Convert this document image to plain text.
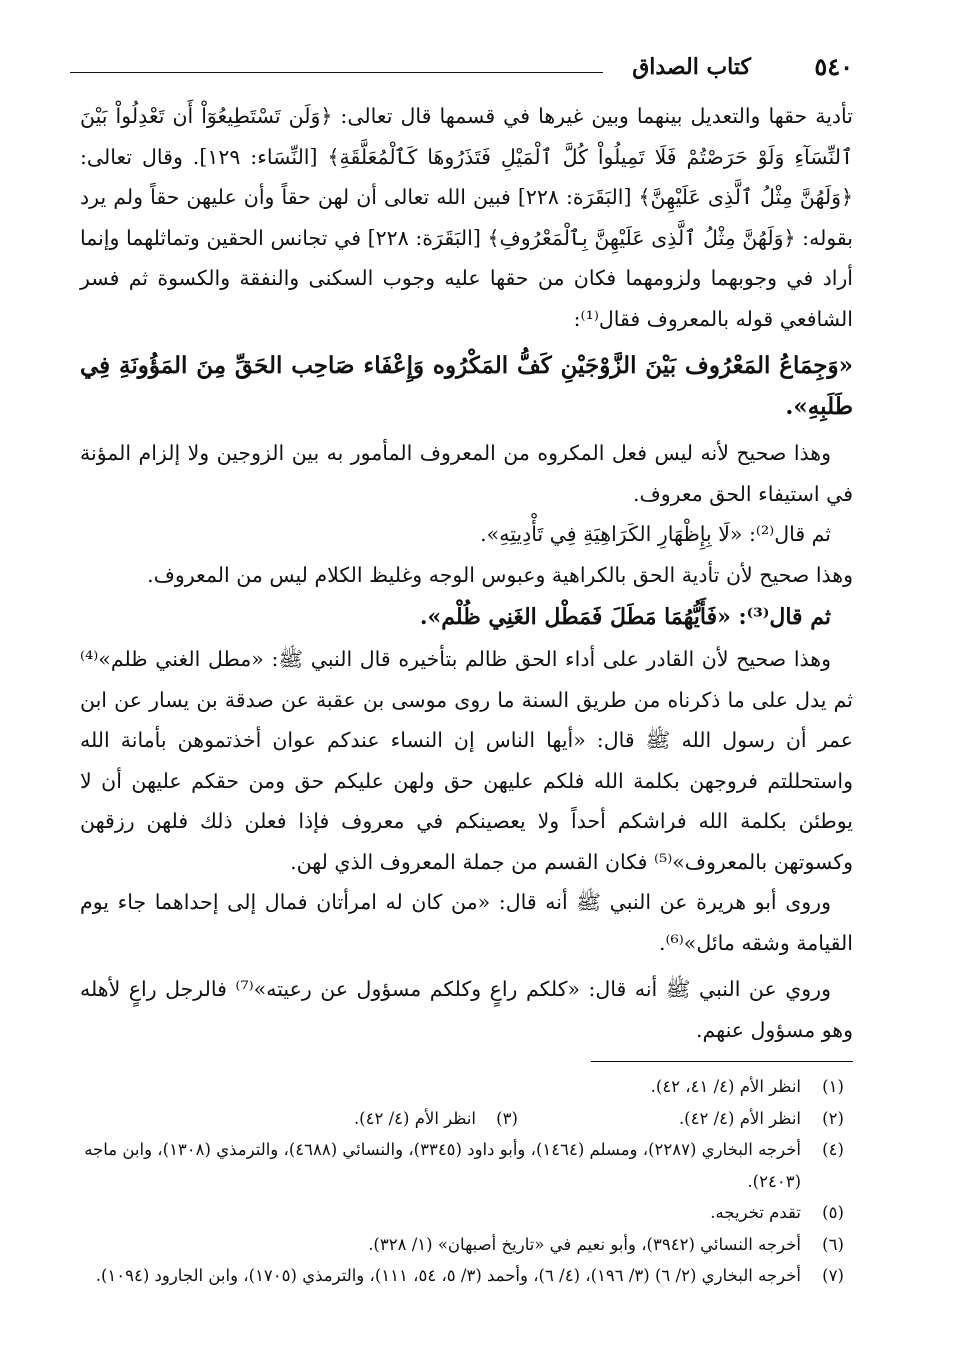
٥٤٠
كتاب الصداق

تأدية حقها والتعديل بينهما وبين غيرها في قسمها قال تعالى: ﴿وَلَن تَسْتَطِيعُوٓاْ أَن تَعْدِلُواْ بَيْنَ ٱلنِّسَآءِ وَلَوْ حَرَصْتُمْ فَلَا تَمِيلُواْ كُلَّ ٱلْمَيْلِ فَتَذَرُوهَا كَٱلْمُعَلَّقَةِ﴾ [النِّسَاء: ١٢٩]. وقال تعالى: ﴿وَلَهُنَّ مِثْلُ ٱلَّذِى عَلَيْهِنَّ﴾ [البَقَرَة: ٢٢٨] فبين الله تعالى أن لهن حقاً وأن عليهن حقاً ولم يرد بقوله: ﴿وَلَهُنَّ مِثْلُ ٱلَّذِى عَلَيْهِنَّ بِٱلْمَعْرُوفِ﴾ [البَقَرَة: ٢٢٨] في تجانس الحقين وتماثلهما وإنما أراد في وجوبهما ولزومهما فكان من حقها عليه وجوب السكنى والنفقة والكسوة ثم فسر الشافعي قوله بالمعروف فقال⁽¹⁾:

«وَجِمَاعُ المَعْرُوف بَيْنَ الزَّوْجَيْنِ كَفُّ المَكْرُوه وَإِعْفَاء صَاحِب الحَقِّ مِنَ المَؤُونَةِ فِي طَلَبِهِ».

وهذا صحيح لأنه ليس فعل المكروه من المعروف المأمور به بين الزوجين ولا إلزام المؤنة في استيفاء الحق معروف.

ثم قال⁽²⁾: «لَا بِإِظْهَارِ الكَرَاهِيَةِ فِي تَأْدِيتِهِ».

وهذا صحيح لأن تأدية الحق بالكراهية وعبوس الوجه وغليظ الكلام ليس من المعروف.

ثم قال⁽³⁾: «فَأَيُّهُمَا مَطَلَ فَمَطْل الغَنِي ظُلْم».

وهذا صحيح لأن القادر على أداء الحق ظالم بتأخيره قال النبي ﷺ: «مطل الغني ظلم»⁽⁴⁾ ثم يدل على ما ذكرناه من طريق السنة ما روى موسى بن عقبة عن صدقة بن يسار عن ابن عمر أن رسول الله ﷺ قال: «أيها الناس إن النساء عندكم عوان أخذتموهن بأمانة الله واستحللتم فروجهن بكلمة الله فلكم عليهن حق ولهن عليكم حق ومن حقكم عليهن أن لا يوطئن بكلمة الله فراشكم أحداً ولا يعصينكم في معروف فإذا فعلن ذلك فلهن رزقهن وكسوتهن بالمعروف»⁽⁵⁾ فكان القسم من جملة المعروف الذي لهن.

وروى أبو هريرة عن النبي ﷺ أنه قال: «من كان له امرأتان فمال إلى إحداهما جاء يوم القيامة وشقه مائل»⁽⁶⁾.

وروي عن النبي ﷺ أنه قال: «كلكم راعٍ وكلكم مسؤول عن رعيته»⁽⁷⁾ فالرجل راعٍ لأهله وهو مسؤول عنهم.

(١)
انظر الأم (٤/ ٤١، ٤٢).

(٢)
انظر الأم (٤/ ٤٢).
(٣)انظر الأم (٤/ ٤٢).

(٤)
أخرجه البخاري (٢٢٨٧)، ومسلم (١٤٦٤)، وأبو داود (٣٣٤٥)، والنسائي (٤٦٨٨)، والترمذي (١٣٠٨)، وابن ماجه (٢٤٠٣).

(٥)
تقدم تخريجه.

(٦)
أخرجه النسائي (٣٩٤٢)، وأبو نعيم في «تاريخ أصبهان» (١/ ٣٢٨).

(٧)
أخرجه البخاري (٢/ ٦) (٣/ ١٩٦)، (٤/ ٦)، وأحمد (٣/ ٥، ٥٤، ١١١)، والترمذي (١٧٠٥)، وابن الجارود (١٠٩٤).
